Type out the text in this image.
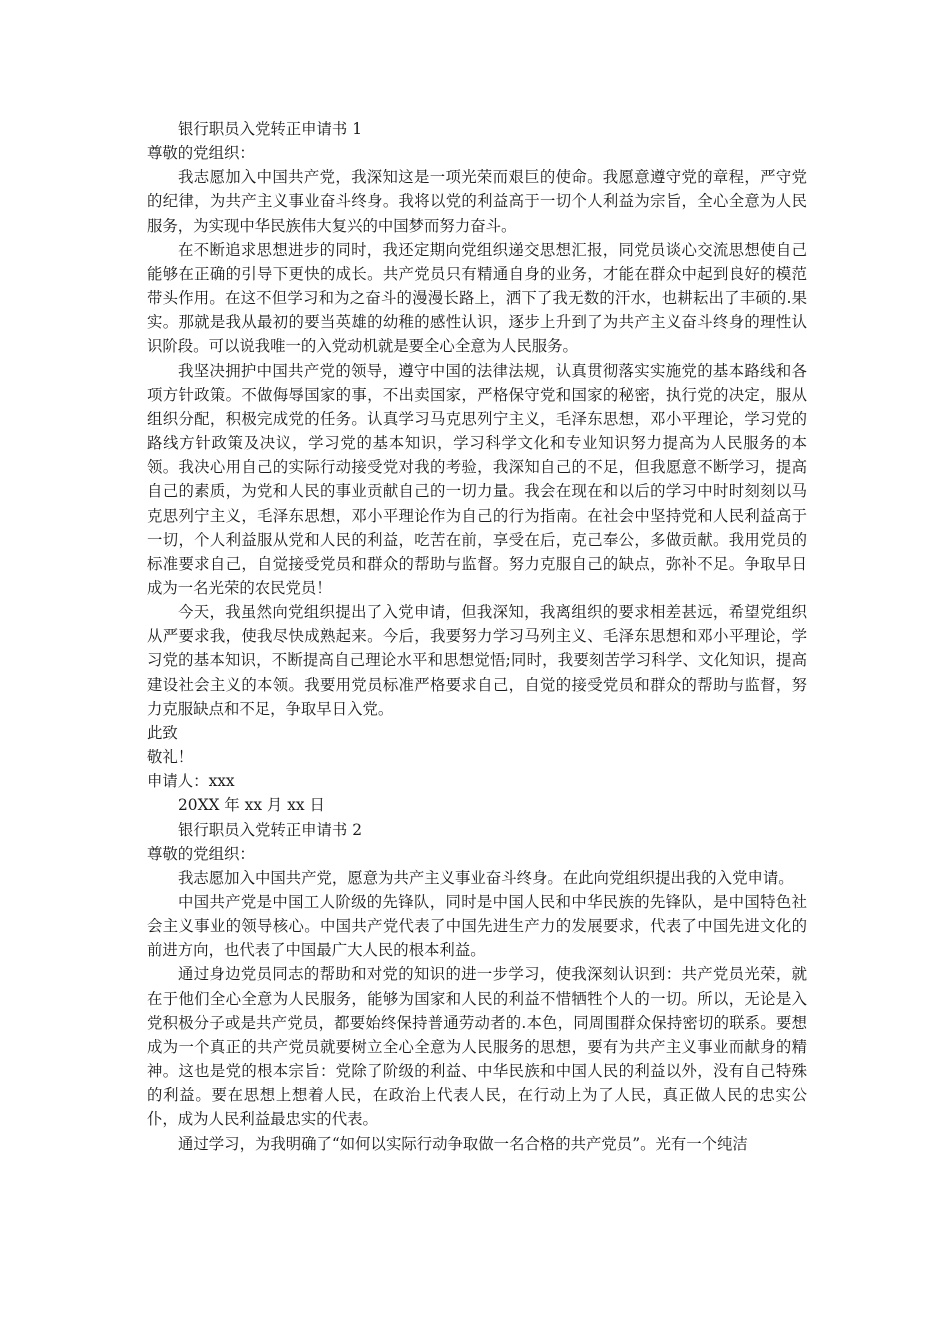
银行职员入党转正申请书 1

尊敬的党组织：

我志愿加入中国共产党，我深知这是一项光荣而艰巨的使命。我愿意遵守党的章程，严守党的纪律，为共产主义事业奋斗终身。我将以党的利益高于一切个人利益为宗旨，全心全意为人民服务，为实现中华民族伟大复兴的中国梦而努力奋斗。

在不断追求思想进步的同时，我还定期向党组织递交思想汇报，同党员谈心交流思想使自己能够在正确的引导下更快的成长。共产党员只有精通自身的业务，才能在群众中起到良好的模范带头作用。在这不但学习和为之奋斗的漫漫长路上，洒下了我无数的汗水，也耕耘出了丰硕的.果实。那就是我从最初的要当英雄的幼稚的感性认识，逐步上升到了为共产主义奋斗终身的理性认识阶段。可以说我唯一的入党动机就是要全心全意为人民服务。

我坚决拥护中国共产党的领导，遵守中国的法律法规，认真贯彻落实实施党的基本路线和各项方针政策。不做侮辱国家的事，不出卖国家，严格保守党和国家的秘密，执行党的决定，服从组织分配，积极完成党的任务。认真学习马克思列宁主义，毛泽东思想，邓小平理论，学习党的路线方针政策及决议，学习党的基本知识，学习科学文化和专业知识努力提高为人民服务的本领。我决心用自己的实际行动接受党对我的考验，我深知自己的不足，但我愿意不断学习，提高自己的素质，为党和人民的事业贡献自己的一切力量。我会在现在和以后的学习中时时刻刻以马克思列宁主义，毛泽东思想，邓小平理论作为自己的行为指南。在社会中坚持党和人民利益高于一切，个人利益服从党和人民的利益，吃苦在前，享受在后，克己奉公，多做贡献。我用党员的标准要求自己，自觉接受党员和群众的帮助与监督。努力克服自己的缺点，弥补不足。争取早日成为一名光荣的农民党员！

今天，我虽然向党组织提出了入党申请，但我深知，我离组织的要求相差甚远，希望党组织从严要求我，使我尽快成熟起来。今后，我要努力学习马列主义、毛泽东思想和邓小平理论，学习党的基本知识，不断提高自己理论水平和思想觉悟;同时，我要刻苦学习科学、文化知识，提高建设社会主义的本领。我要用党员标准严格要求自己，自觉的接受党员和群众的帮助与监督，努力克服缺点和不足，争取早日入党。

此致

敬礼！

申请人：xxx

20XX 年 xx 月 xx 日

银行职员入党转正申请书 2

尊敬的党组织：

我志愿加入中国共产党，愿意为共产主义事业奋斗终身。在此向党组织提出我的入党申请。

中国共产党是中国工人阶级的先锋队，同时是中国人民和中华民族的先锋队，是中国特色社会主义事业的领导核心。中国共产党代表了中国先进生产力的发展要求，代表了中国先进文化的前进方向，也代表了中国最广大人民的根本利益。

通过身边党员同志的帮助和对党的知识的进一步学习，使我深刻认识到：共产党员光荣，就在于他们全心全意为人民服务，能够为国家和人民的利益不惜牺牲个人的一切。所以，无论是入党积极分子或是共产党员，都要始终保持普通劳动者的.本色，同周围群众保持密切的联系。要想成为一个真正的共产党员就要树立全心全意为人民服务的思想，要有为共产主义事业而献身的精神。这也是党的根本宗旨：党除了阶级的利益、中华民族和中国人民的利益以外，没有自己特殊的利益。要在思想上想着人民，在政治上代表人民，在行动上为了人民，真正做人民的忠实公仆，成为人民利益最忠实的代表。

通过学习，为我明确了“如何以实际行动争取做一名合格的共产党员”。光有一个纯洁
